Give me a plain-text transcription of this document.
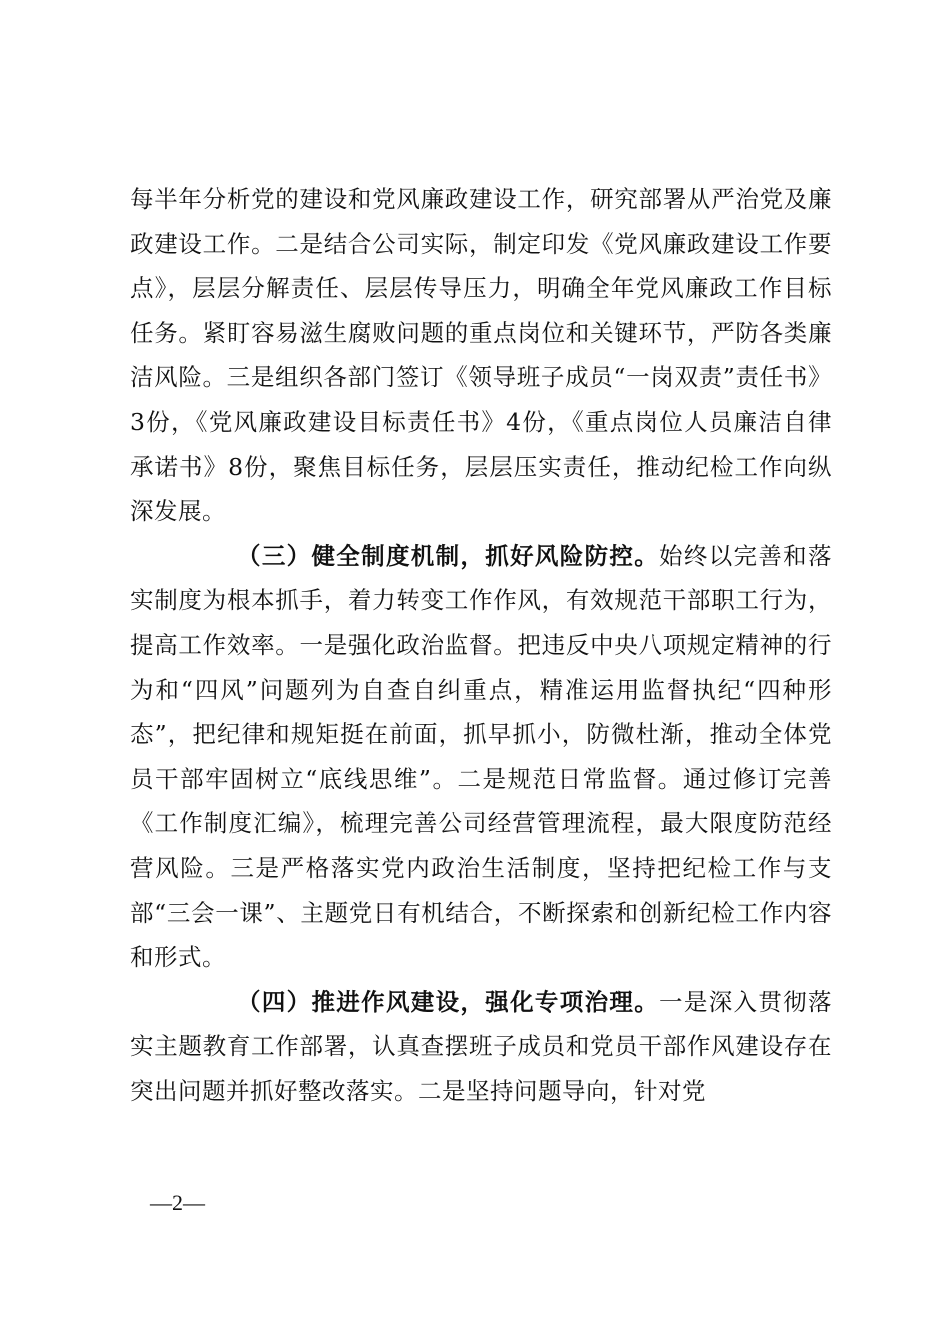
每半年分析党的建设和党风廉政建设工作，研究部署从严治党及廉政建设工作。二是结合公司实际，制定印发《党风廉政建设工作要点》，层层分解责任、层层传导压力，明确全年党风廉政工作目标任务。紧盯容易滋生腐败问题的重点岗位和关键环节，严防各类廉洁风险。三是组织各部门签订《领导班子成员“一岗双责”责任书》3份，《党风廉政建设目标责任书》4份，《重点岗位人员廉洁自律承诺书》8份，聚焦目标任务，层层压实责任，推动纪检工作向纵深发展。

（三）健全制度机制，抓好风险防控。始终以完善和落实制度为根本抓手，着力转变工作作风，有效规范干部职工行为，提高工作效率。一是强化政治监督。把违反中央八项规定精神的行为和“四风”问题列为自查自纠重点，精准运用监督执纪“四种形态”，把纪律和规矩挺在前面，抓早抓小，防微杜渐，推动全体党员干部牢固树立“底线思维”。二是规范日常监督。通过修订完善《工作制度汇编》，梳理完善公司经营管理流程，最大限度防范经营风险。三是严格落实党内政治生活制度，坚持把纪检工作与支部“三会一课”、主题党日有机结合，不断探索和创新纪检工作内容和形式。

（四）推进作风建设，强化专项治理。一是深入贯彻落实主题教育工作部署，认真查摆班子成员和党员干部作风建设存在突出问题并抓好整改落实。二是坚持问题导向，针对党

—2—
